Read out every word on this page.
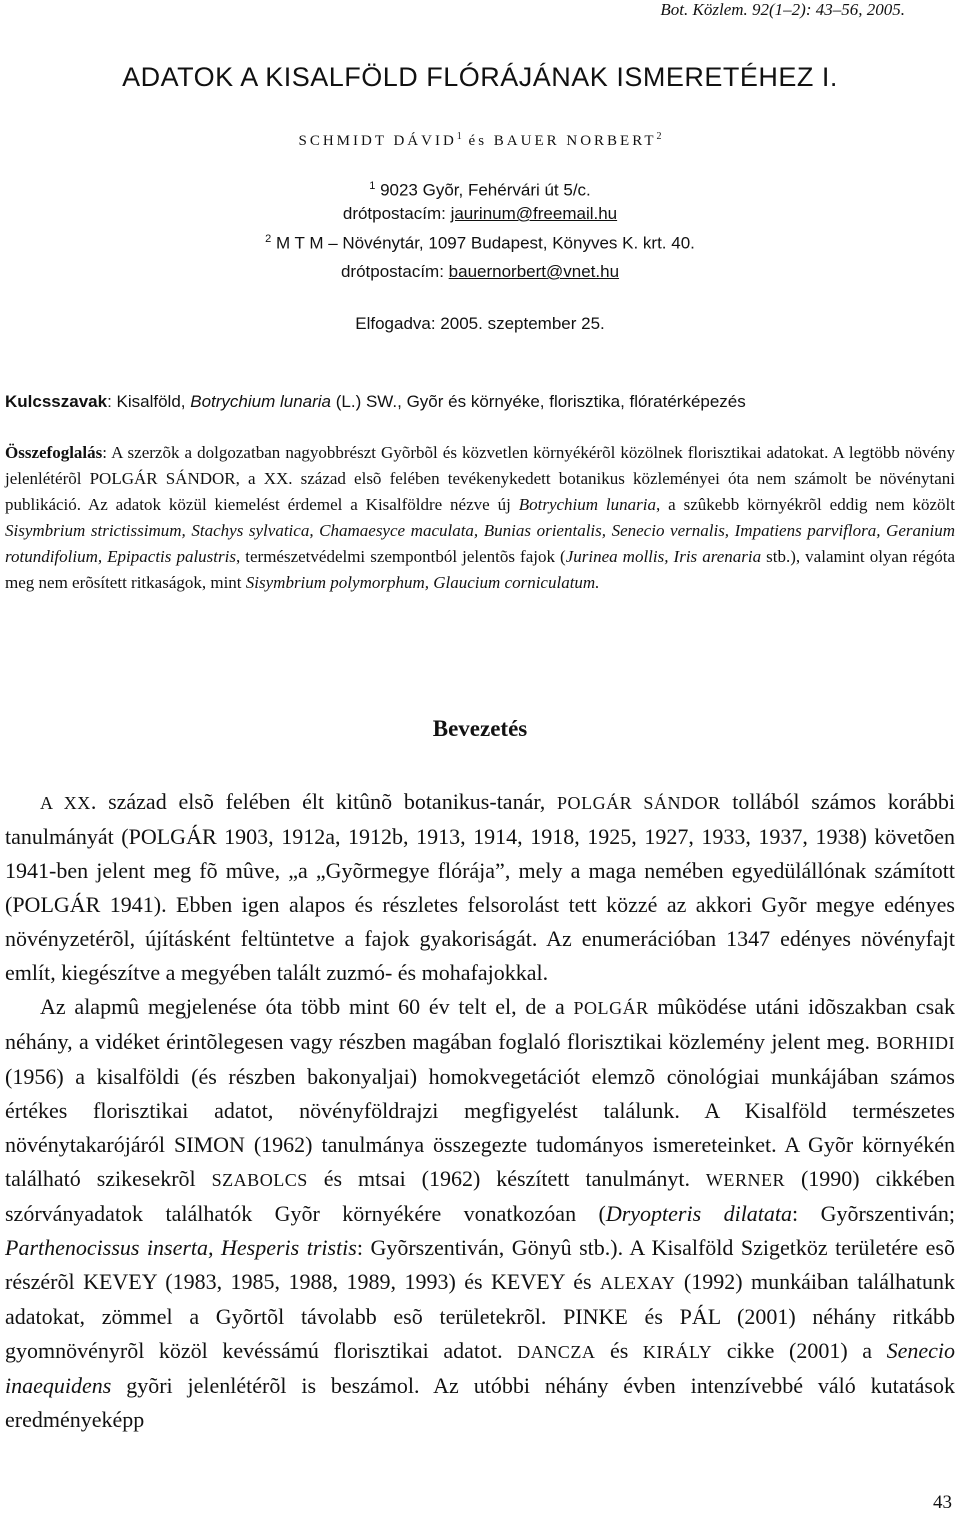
Bot. Közlem. 92(1–2): 43–56, 2005.
ADATOK A KISALFÖLD FLÓRÁJÁNAK ISMERETÉHEZ I.
SCHMIDT DÁVID$^1$ és BAUER NORBERT$^2$
$^1$ 9023 Gyõr, Fehérvári út 5/c.
drótpostacím: jaurinum@freemail.hu
$^2$ M T M – Növénytár, 1097 Budapest, Könyves K. krt. 40.
drótpostacím: bauernorbert@vnet.hu
Elfogadva: 2005. szeptember 25.
Kulcsszavak: Kisalföld, Botrychium lunaria (L.) SW., Gyõr és környéke, florisztika, flóratérképezés
Összefoglalás: A szerzõk a dolgozatban nagyobbrészt Gyõrbõl és közvetlen környékérõl közölnek florisztikai adatokat. A legtöbb növény jelenlétérõl POLGÁR SÁNDOR, a XX. század elsõ felében tevékenykedett botanikus közleményei óta nem számolt be növénytani publikáció. Az adatok közül kiemelést érdemel a Kisalföldre nézve új Botrychium lunaria, a szûkebb környékrõl eddig nem közölt Sisymbrium strictissimum, Stachys sylvatica, Chamaesyce maculata, Bunias orientalis, Senecio vernalis, Impatiens parviflora, Geranium rotundifolium, Epipactis palustris, természetvédelmi szempontból jelentõs fajok (Jurinea mollis, Iris arenaria stb.), valamint olyan régóta meg nem erõsített ritkaságok, mint Sisymbrium polymorphum, Glaucium corniculatum.
Bevezetés

A XX. század elsõ felében élt kitûnõ botanikus-tanár, POLGÁR SÁNDOR tollából számos korábbi tanulmányát (POLGÁR 1903, 1912a, 1912b, 1913, 1914, 1918, 1925, 1927, 1933, 1937, 1938) követõen 1941-ben jelent meg fõ mûve, „a „Gyõrmegye flórája”, mely a maga nemében egyedülállónak számított (POLGÁR 1941). Ebben igen alapos és részletes felsorolást tett közzé az akkori Gyõr megye edényes növényzetérõl, újításként feltüntetve a fajok gyakoriságát. Az enumerációban 1347 edényes növényfajt említ, kiegészítve a megyében talált zuzmó- és mohafajokkal.

Az alapmû megjelenése óta több mint 60 év telt el, de a POLGÁR mûködése utáni idõszakban csak néhány, a vidéket érintõlegesen vagy részben magában foglaló florisztikai közlemény jelent meg. BORHIDI (1956) a kisalföldi (és részben bakonyaljai) homokvegetációt elemzõ cönológiai munkájában számos értékes florisztikai adatot, növényföldrajzi megfigyelést találunk. A Kisalföld természetes növénytakarójáról SIMON (1962) tanulmánya összegezte tudományos ismereteinket. A Gyõr környékén található szikesekrõl SZABOLCS és mtsai (1962) készített tanulmányt. WERNER (1990) cikkében szórványadatok találhatók Gyõr környékére vonatkozóan (Dryopteris dilatata: Gyõrszentiván; Parthenocissus inserta, Hesperis tristis: Gyõrszentiván, Gönyû stb.). A Kisalföld Szigetköz területére esõ részérõl KEVEY (1983, 1985, 1988, 1989, 1993) és KEVEY és ALEXAY (1992) munkáiban találhatunk adatokat, zömmel a Gyõrtõl távolabb esõ területekrõl. PINKE és PÁL (2001) néhány ritkább gyomnövényrõl közöl kevéssámú florisztikai adatot. DANCZA és KIRÁLY cikke (2001) a Senecio inaequidens gyõri jelenlétérõl is beszámol. Az utóbbi néhány évben intenzívebbé váló kutatások eredményeképp

43
